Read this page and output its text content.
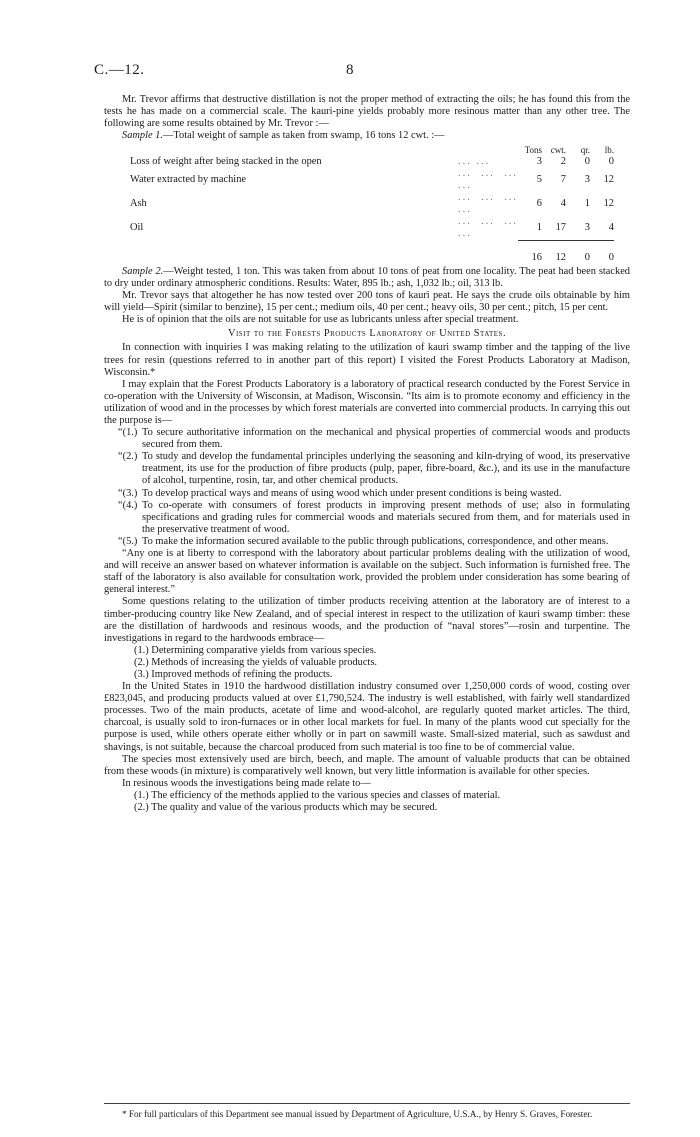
C.—12.	8

Mr. Trevor affirms that destructive distillation is not the proper method of extracting the oils; he has found this from the tests he has made on a commercial scale. The kauri-pine yields probably more resinous matter than any other tree. The following are some results obtained by Mr. Trevor :—

Sample 1.—Total weight of sample as taken from swamp, 16 tons 12 cwt. :—

		Tons	cwt.	qr.	lb.
Loss of weight after being stacked in the open	... ...	3	2	0	0
Water extracted by machine	... ... ... ...	5	7	3	12
Ash	... ... ... ...	6	4	1	12
Oil	... ... ... ...	1	17	3	4

		16	12	0	0

Sample 2.—Weight tested, 1 ton. This was taken from about 10 tons of peat from one locality. The peat had been stacked to dry under ordinary atmospheric conditions. Results: Water, 895 lb.; ash, 1,032 lb.; oil, 313 lb.

Mr. Trevor says that altogether he has now tested over 200 tons of kauri peat. He says the crude oils obtainable by him will yield—Spirit (similar to benzine), 15 per cent.; medium oils, 40 per cent.; heavy oils, 30 per cent.; pitch, 15 per cent.

He is of opinion that the oils are not suitable for use as lubricants unless after special treatment.

Visit to the Forests Products Laboratory of United States.

In connection with inquiries I was making relating to the utilization of kauri swamp timber and the tapping of the live trees for resin (questions referred to in another part of this report) I visited the Forest Products Laboratory at Madison, Wisconsin.*

I may explain that the Forest Products Laboratory is a laboratory of practical research conducted by the Forest Service in co-operation with the University of Wisconsin, at Madison, Wisconsin. “Its aim is to promote economy and efficiency in the utilization of wood and in the processes by which forest materials are converted into commercial products. In carrying this out the purpose is—

“(1.) To secure authoritative information on the mechanical and physical properties of commercial woods and products secured from them.
“(2.) To study and develop the fundamental principles underlying the seasoning and kiln-drying of wood, its preservative treatment, its use for the production of fibre products (pulp, paper, fibre-board, &c.), and its use in the manufacture of alcohol, turpentine, rosin, tar, and other chemical products.
“(3.) To develop practical ways and means of using wood which under present conditions is being wasted.
“(4.) To co-operate with consumers of forest products in improving present methods of use; also in formulating specifications and grading rules for commercial woods and materials secured from them, and for materials used in the preservative treatment of wood.
“(5.) To make the information secured available to the public through publications, correspondence, and other means.

“Any one is at liberty to correspond with the laboratory about particular problems dealing with the utilization of wood, and will receive an answer based on whatever information is available on the subject. Such information is furnished free. The staff of the laboratory is also available for consultation work, provided the problem under consideration has some bearing of general interest.”

Some questions relating to the utilization of timber products receiving attention at the laboratory are of interest to a timber-producing country like New Zealand, and of special interest in respect to the utilization of kauri swamp timber: these are the distillation of hardwoods and resinous woods, and the production of “naval stores”—rosin and turpentine. The investigations in regard to the hardwoods embrace—

(1.) Determining comparative yields from various species.
(2.) Methods of increasing the yields of valuable products.
(3.) Improved methods of refining the products.

In the United States in 1910 the hardwood distillation industry consumed over 1,250,000 cords of wood, costing over £823,045, and producing products valued at over £1,790,524. The industry is well established, with fairly well standardized processes. Two of the main products, acetate of lime and wood-alcohol, are regularly quoted market articles. The third, charcoal, is usually sold to iron-furnaces or in other local markets for fuel. In many of the plants wood cut specially for the purpose is used, while others operate either wholly or in part on sawmill waste. Small-sized material, such as sawdust and shavings, is not suitable, because the charcoal produced from such material is too fine to be of commercial value.

The species most extensively used are birch, beech, and maple. The amount of valuable products that can be obtained from these woods (in mixture) is comparatively well known, but very little information is available for other species.

In resinous woods the investigations being made relate to—

(1.) The efficiency of the methods applied to the various species and classes of material.
(2.) The quality and value of the various products which may be secured.
* For full particulars of this Department see manual issued by Department of Agriculture, U.S.A., by Henry S. Graves, Forester.
